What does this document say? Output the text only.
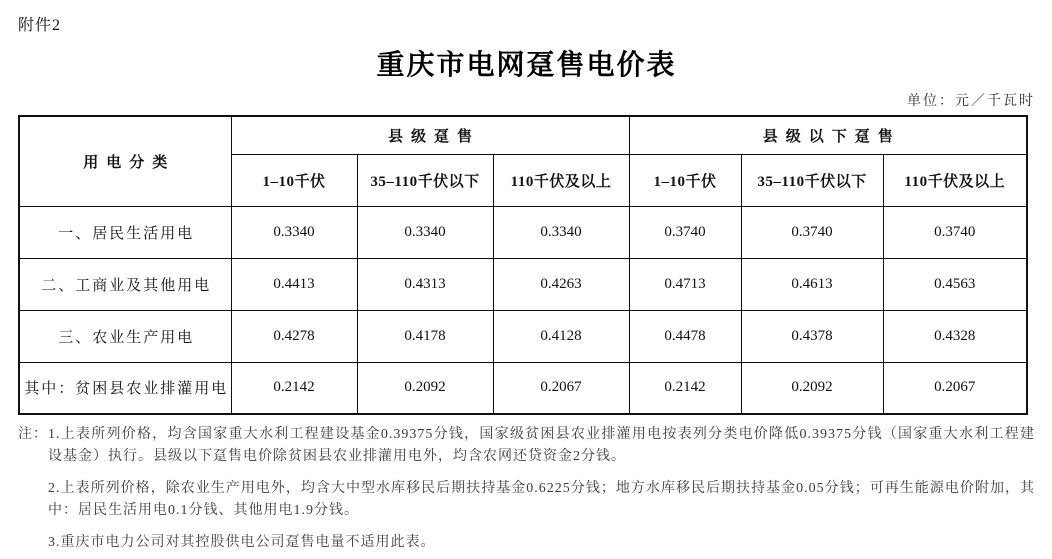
附件2
重庆市电网趸售电价表
单位：元／千瓦时
用电分类	县级趸售			县级以下趸售		
	1–10千伏	35–110千伏以下	110千伏及以上	1–10千伏	35–110千伏以下	110千伏及以上
一、居民生活用电	0.3340	0.3340	0.3340	0.3740	0.3740	0.3740
二、工商业及其他用电	0.4413	0.4313	0.4263	0.4713	0.4613	0.4563
三、农业生产用电	0.4278	0.4178	0.4128	0.4478	0.4378	0.4328
其中：贫困县农业排灌用电	0.2142	0.2092	0.2067	0.2142	0.2092	0.2067
注： 1.上表所列价格，均含国家重大水利工程建设基金0.39375分钱，国家级贫困县农业排灌用电按表列分类电价降低0.39375分钱（国家重大水利工程建设基金）执行。县级以下趸售电价除贫困县农业排灌用电外，均含农网还贷资金2分钱。

2.上表所列价格，除农业生产用电外，均含大中型水库移民后期扶持基金0.6225分钱；地方水库移民后期扶持基金0.05分钱；可再生能源电价附加，其中：居民生活用电0.1分钱、其他用电1.9分钱。

3.重庆市电力公司对其控股供电公司趸售电量不适用此表。
